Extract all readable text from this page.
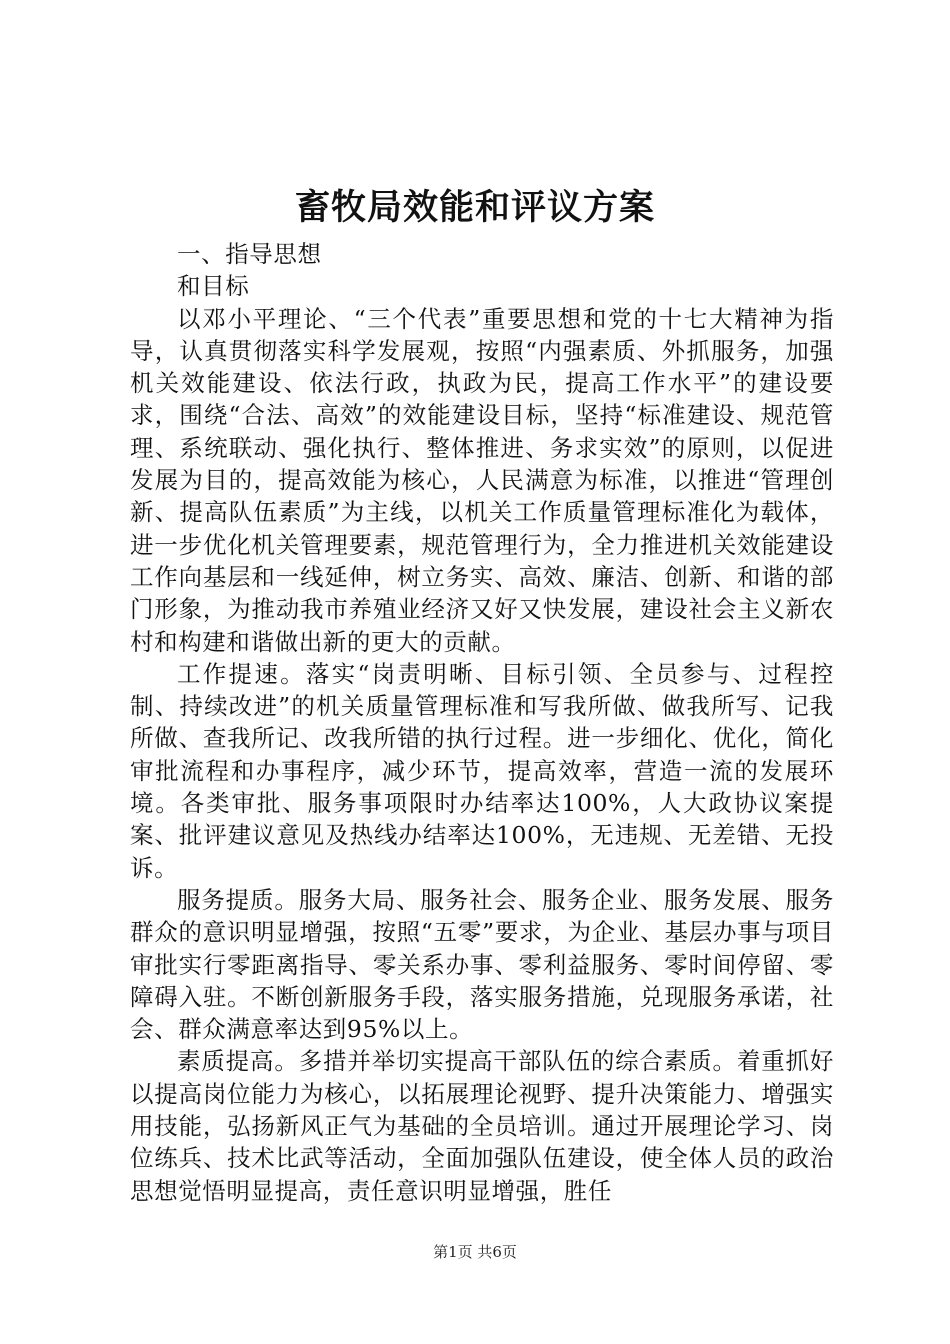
畜牧局效能和评议方案

一、指导思想

和目标

以邓小平理论、“三个代表”重要思想和党的十七大精神为指导，认真贯彻落实科学发展观，按照“内强素质、外抓服务，加强机关效能建设、依法行政，执政为民，提高工作水平”的建设要求，围绕“合法、高效”的效能建设目标，坚持“标准建设、规范管理、系统联动、强化执行、整体推进、务求实效”的原则，以促进发展为目的，提高效能为核心，人民满意为标准，以推进“管理创新、提高队伍素质”为主线，以机关工作质量管理标准化为载体，进一步优化机关管理要素，规范管理行为，全力推进机关效能建设工作向基层和一线延伸，树立务实、高效、廉洁、创新、和谐的部门形象，为推动我市养殖业经济又好又快发展，建设社会主义新农村和构建和谐做出新的更大的贡献。

工作提速。落实“岗责明晰、目标引领、全员参与、过程控制、持续改进”的机关质量管理标准和写我所做、做我所写、记我所做、查我所记、改我所错的执行过程。进一步细化、优化，简化审批流程和办事程序，减少环节，提高效率，营造一流的发展环境。各类审批、服务事项限时办结率达100%，人大政协议案提案、批评建议意见及热线办结率达100%，无违规、无差错、无投诉。

服务提质。服务大局、服务社会、服务企业、服务发展、服务群众的意识明显增强，按照“五零”要求，为企业、基层办事与项目审批实行零距离指导、零关系办事、零利益服务、零时间停留、零障碍入驻。不断创新服务手段，落实服务措施，兑现服务承诺，社会、群众满意率达到95%以上。

素质提高。多措并举切实提高干部队伍的综合素质。着重抓好以提高岗位能力为核心，以拓展理论视野、提升决策能力、增强实用技能，弘扬新风正气为基础的全员培训。通过开展理论学习、岗位练兵、技术比武等活动，全面加强队伍建设，使全体人员的政治思想觉悟明显提高，责任意识明显增强，胜任

第1页 共6页
